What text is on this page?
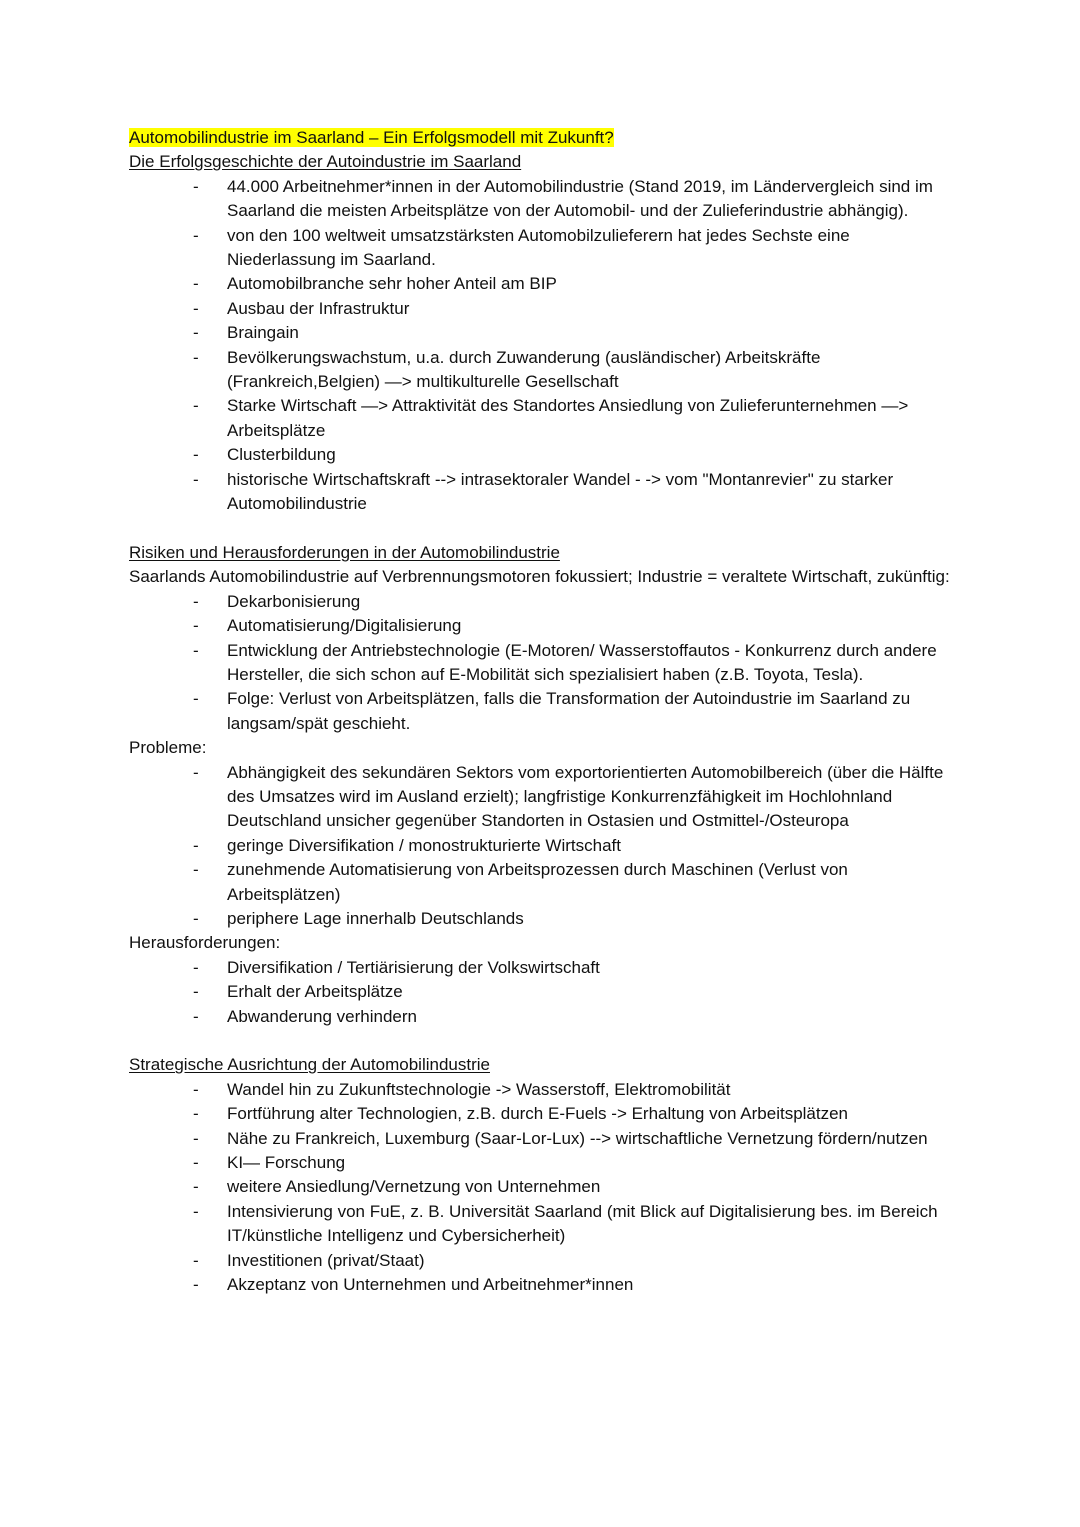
Automobilindustrie im Saarland – Ein Erfolgsmodell mit Zukunft?

Die Erfolgsgeschichte der Autoindustrie im Saarland

- 44.000 Arbeitnehmer*innen in der Automobilindustrie (Stand 2019, im Ländervergleich sind im Saarland die meisten Arbeitsplätze von der Automobil- und der Zulieferindustrie abhängig).
- von den 100 weltweit umsatzstärksten Automobilzulieferern hat jedes Sechste eine Niederlassung im Saarland.
- Automobilbranche sehr hoher Anteil am BIP
- Ausbau der Infrastruktur
- Braingain
- Bevölkerungswachstum, u.a. durch Zuwanderung (ausländischer) Arbeitskräfte (Frankreich,Belgien) —> multikulturelle Gesellschaft
- Starke Wirtschaft —> Attraktivität des Standortes Ansiedlung von Zulieferunternehmen —> Arbeitsplätze
- Clusterbildung
- historische Wirtschaftskraft --> intrasektoraler Wandel - -> vom "Montanrevier" zu starker Automobilindustrie

Risiken und Herausforderungen in der Automobilindustrie

Saarlands Automobilindustrie auf Verbrennungsmotoren fokussiert; Industrie = veraltete Wirtschaft, zukünftig:

- Dekarbonisierung
- Automatisierung/Digitalisierung
- Entwicklung der Antriebstechnologie (E-Motoren/ Wasserstoffautos - Konkurrenz durch andere Hersteller, die sich schon auf E-Mobilität sich spezialisiert haben (z.B. Toyota, Tesla).
- Folge: Verlust von Arbeitsplätzen, falls die Transformation der Autoindustrie im Saarland zu langsam/spät geschieht.

Probleme:

- Abhängigkeit des sekundären Sektors vom exportorientierten Automobilbereich (über die Hälfte des Umsatzes wird im Ausland erzielt); langfristige Konkurrenzfähigkeit im Hochlohnland Deutschland unsicher gegenüber Standorten in Ostasien und Ostmittel-/Osteuropa
- geringe Diversifikation / monostrukturierte Wirtschaft
- zunehmende Automatisierung von Arbeitsprozessen durch Maschinen (Verlust von Arbeitsplätzen)
- periphere Lage innerhalb Deutschlands

Herausforderungen:

- Diversifikation / Tertiärisierung der Volkswirtschaft
- Erhalt der Arbeitsplätze
- Abwanderung verhindern

Strategische Ausrichtung der Automobilindustrie

- Wandel hin zu Zukunftstechnologie -> Wasserstoff, Elektromobilität
- Fortführung alter Technologien, z.B. durch E-Fuels -> Erhaltung von Arbeitsplätzen
- Nähe zu Frankreich, Luxemburg (Saar-Lor-Lux) --> wirtschaftliche Vernetzung fördern/nutzen
- KI— Forschung
- weitere Ansiedlung/Vernetzung von Unternehmen
- Intensivierung von FuE, z. B. Universität Saarland (mit Blick auf Digitalisierung bes. im Bereich IT/künstliche Intelligenz und Cybersicherheit)
- Investitionen (privat/Staat)
- Akzeptanz von Unternehmen und Arbeitnehmer*innen
